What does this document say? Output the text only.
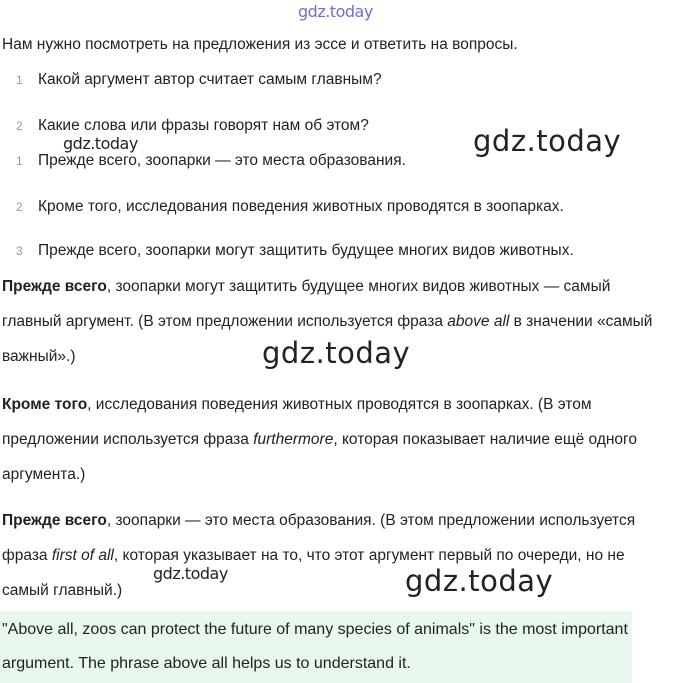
gdz.today
Нам нужно посмотреть на предложения из эссе и ответить на вопросы.
1 Какой аргумент автор считает самым главным?
2 Какие слова или фразы говорят нам об этом?
gdz.today	gdz.today
1 Прежде всего, зоопарки — это места образования.
2 Кроме того, исследования поведения животных проводятся в зоопарках.
3 Прежде всего, зоопарки могут защитить будущее многих видов животных.
Прежде всего, зоопарки могут защитить будущее многих видов животных — самый главный аргумент. (В этом предложении используется фраза above all в значении «самый важный».)	gdz.today
Кроме того, исследования поведения животных проводятся в зоопарках. (В этом предложении используется фраза furthermore, которая показывает наличие ещё одного аргумента.)
Прежде всего, зоопарки — это места образования. (В этом предложении используется фраза first of all, которая указывает на то, что этот аргумент первый по очереди, но не самый главный.)
gdz.today	gdz.today
"Above all, zoos can protect the future of many species of animals" is the most important argument. The phrase above all helps us to understand it.
